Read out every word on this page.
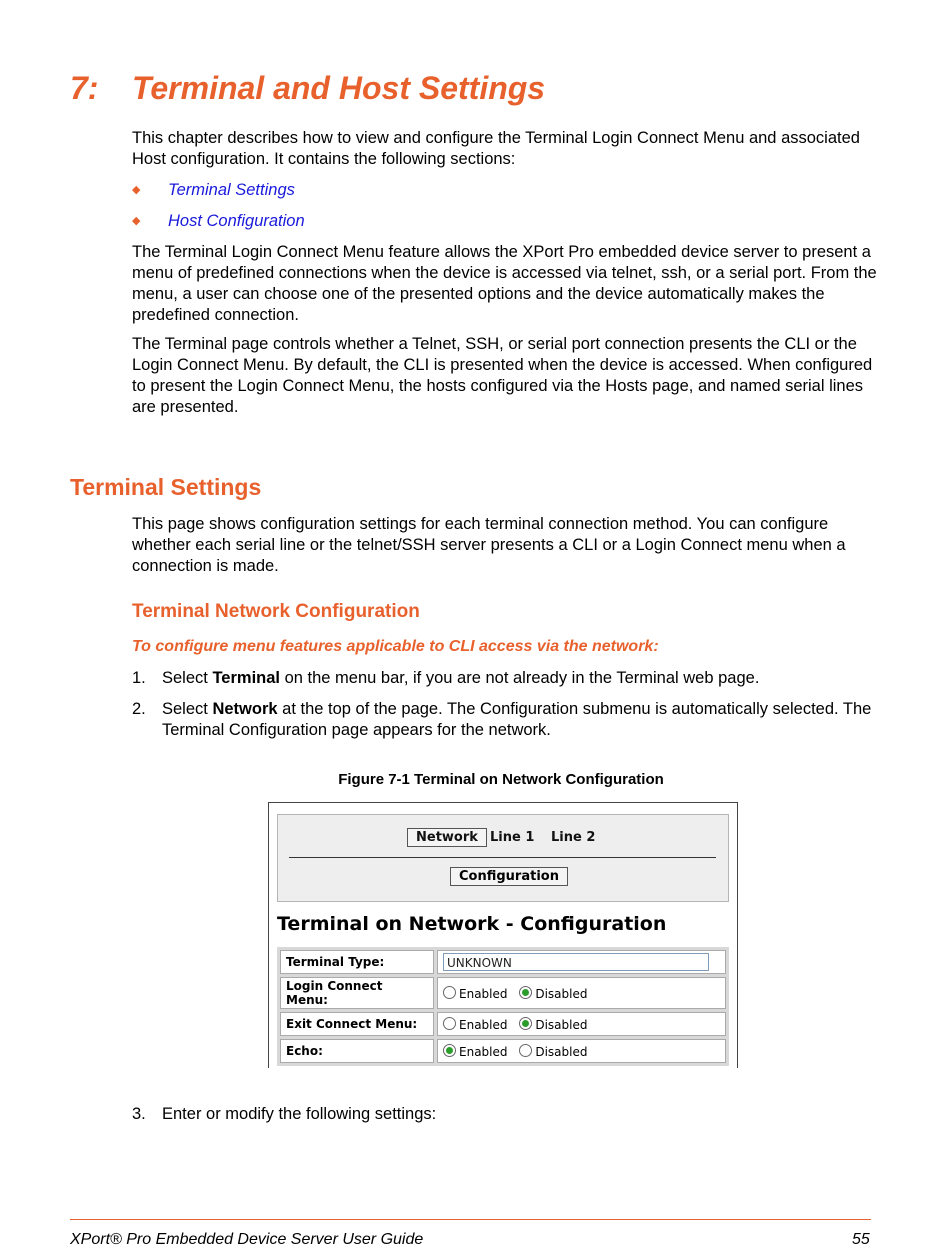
7: Terminal and Host Settings

This chapter describes how to view and configure the Terminal Login Connect Menu and associated Host configuration. It contains the following sections:

◆ Terminal Settings
◆ Host Configuration

The Terminal Login Connect Menu feature allows the XPort Pro embedded device server to present a menu of predefined connections when the device is accessed via telnet, ssh, or a serial port. From the menu, a user can choose one of the presented options and the device automatically makes the predefined connection.

The Terminal page controls whether a Telnet, SSH, or serial port connection presents the CLI or the Login Connect Menu. By default, the CLI is presented when the device is accessed. When configured to present the Login Connect Menu, the hosts configured via the Hosts page, and named serial lines are presented.

Terminal Settings

This page shows configuration settings for each terminal connection method. You can configure whether each serial line or the telnet/SSH server presents a CLI or a Login Connect menu when a connection is made.

Terminal Network Configuration
To configure menu features applicable to CLI access via the network:
1. Select Terminal on the menu bar, if you are not already in the Terminal web page.
2. Select Network at the top of the page. The Configuration submenu is automatically selected. The Terminal Configuration page appears for the network.
Figure 7-1 Terminal on Network Configuration
Network Line 1 Line 2
Configuration
Terminal on Network - Configuration
Terminal Type:	UNKNOWN

Login Connect Menu:	Enabled Disabled
Exit Connect Menu:	Enabled Disabled
Echo:	Enabled Disabled
3. Enter or modify the following settings:
XPort® Pro Embedded Device Server User Guide	55
